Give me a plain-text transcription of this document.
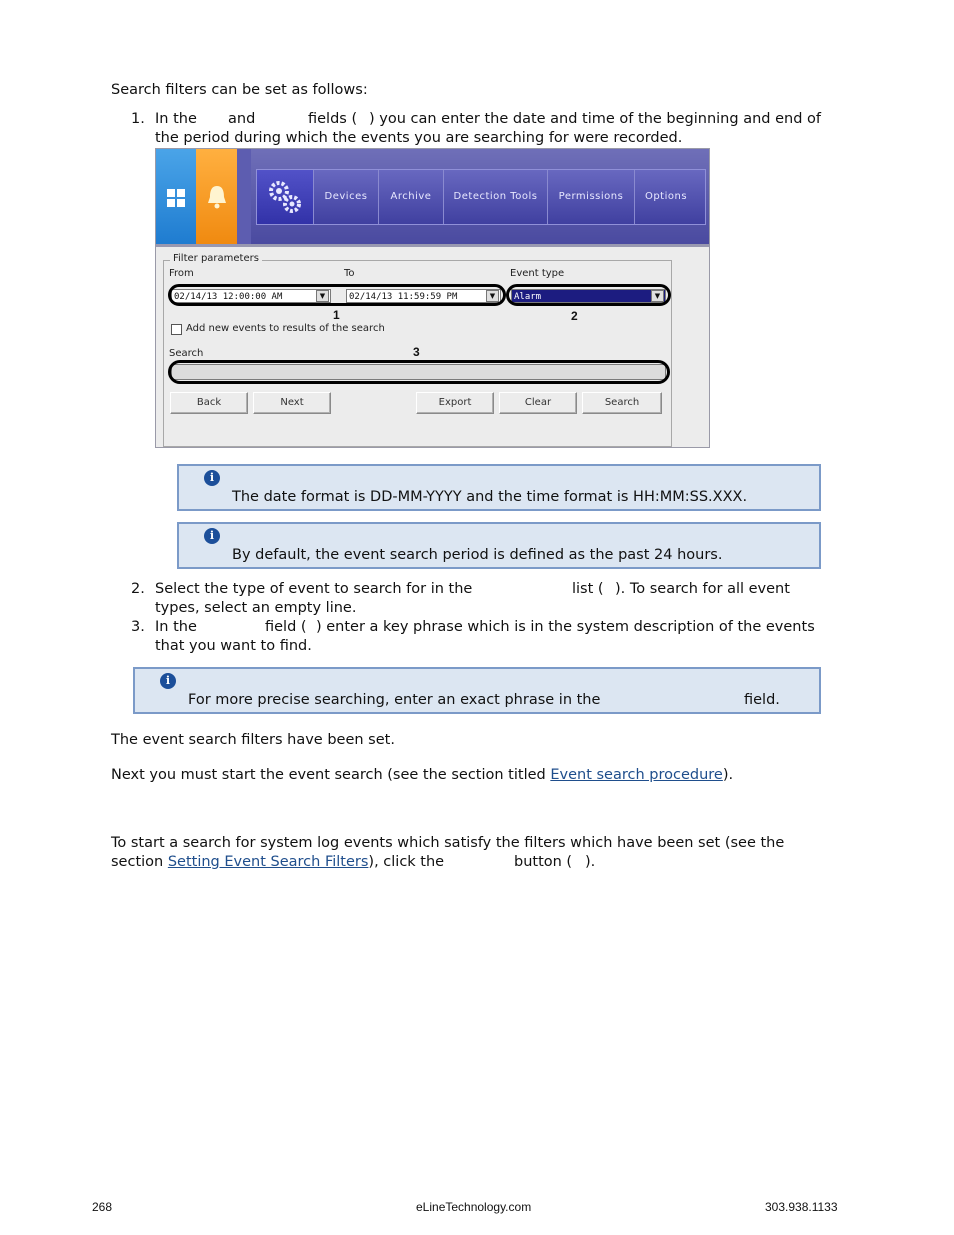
Search filters can be set as follows:
1. In the and	fields ( ) you can enter the date and time of the beginning and end of
the period during which the events you are searching for were recorded.
Devices	Archive	Detection Tools	Permissions	Options
Filter parameters
From	To	Event type
02/14/13 12:00:00 AM	▼	02/14/13 11:59:59 PM	▼	Alarm	▼
1	2
Add new events to results of the search
Search	3
Back	Next	Export	Clear	Search
i
The date format is DD-MM-YYYY and the time format is HH:MM:SS.XXX.
i
By default, the event search period is defined as the past 24 hours.
2. Select the type of event to search for in the	list ( ). To search for all event
types, select an empty line.
3. In the	field ( ) enter a key phrase which is in the system description of the events
that you want to find.
i
For more precise searching, enter an exact phrase in the	field.
The event search filters have been set.
Next you must start the event search (see the section titled Event search procedure).
To start a search for system log events which satisfy the filters which have been set (see the
section Setting Event Search Filters), click the	button ( ).
268	eLineTechnology.com	303.938.1133
